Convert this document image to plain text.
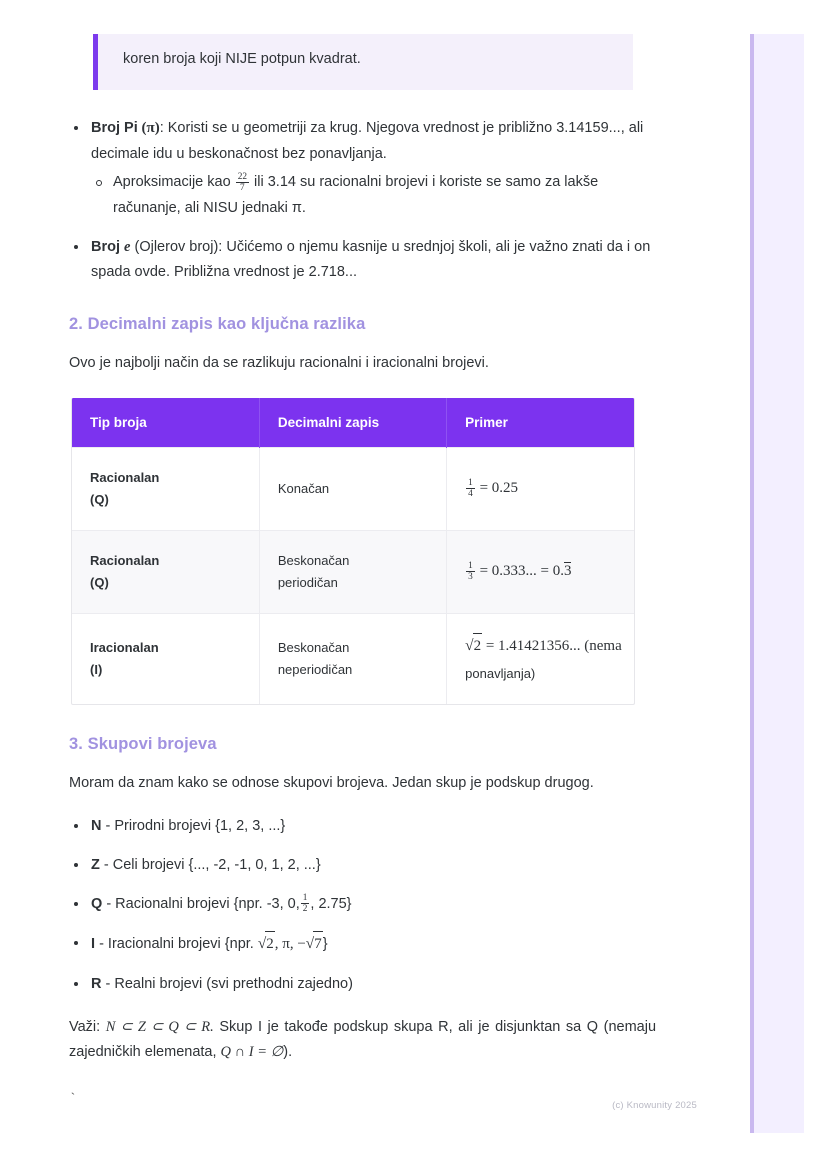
koren broja koji NIJE potpun kvadrat.
Broj Pi (π): Koristi se u geometriji za krug. Njegova vrednost je približno 3.14159..., ali decimale idu u beskonačnost bez ponavljanja.
Aproksimacije kao $\frac{22}{7}$ ili 3.14 su racionalni brojevi i koriste se samo za lakše računanje, ali NISU jednaki π.
Broj e (Ojlerov broj): Učićemo o njemu kasnije u srednjoj školi, ali je važno znati da i on spada ovde. Približna vrednost je 2.718...
2. Decimalni zapis kao ključna razlika

Ovo je najbolji način da se razlikuju racionalni i iracionalni brojevi.

Tip broja	Decimalni zapis	Primer

Racionalan
(Q)	Konačan	$\frac{1}{4} = 0.25$

Racionalan
(Q)	Beskonačan
periodičan	$\frac{1}{3} = 0.333$... = 0.3

Iracionalan
(I)	Beskonačan
neperiodičan	√2 = 1.41421356... (nema
ponavljanja)
3. Skupovi brojeva

Moram da znam kako se odnose skupovi brojeva. Jedan skup je podskup drugog.

N - Prirodni brojevi {1, 2, 3, ...}
Z - Celi brojevi {..., -2, -1, 0, 1, 2, ...}
Q - Racionalni brojevi {npr. -3, 0, $\frac{1}{2}$ , 2.75}
I - Iracionalni brojevi {npr. √2, π, −√7}
R - Realni brojevi (svi prethodni zajedno)

Važi: N ⊂ Z ⊂ Q ⊂ R. Skup I je takođe podskup skupa R, ali je disjunktan sa Q (nemaju zajedničkih elemenata, Q ∩ I = ∅).

`	(c) Knowunity 2025
